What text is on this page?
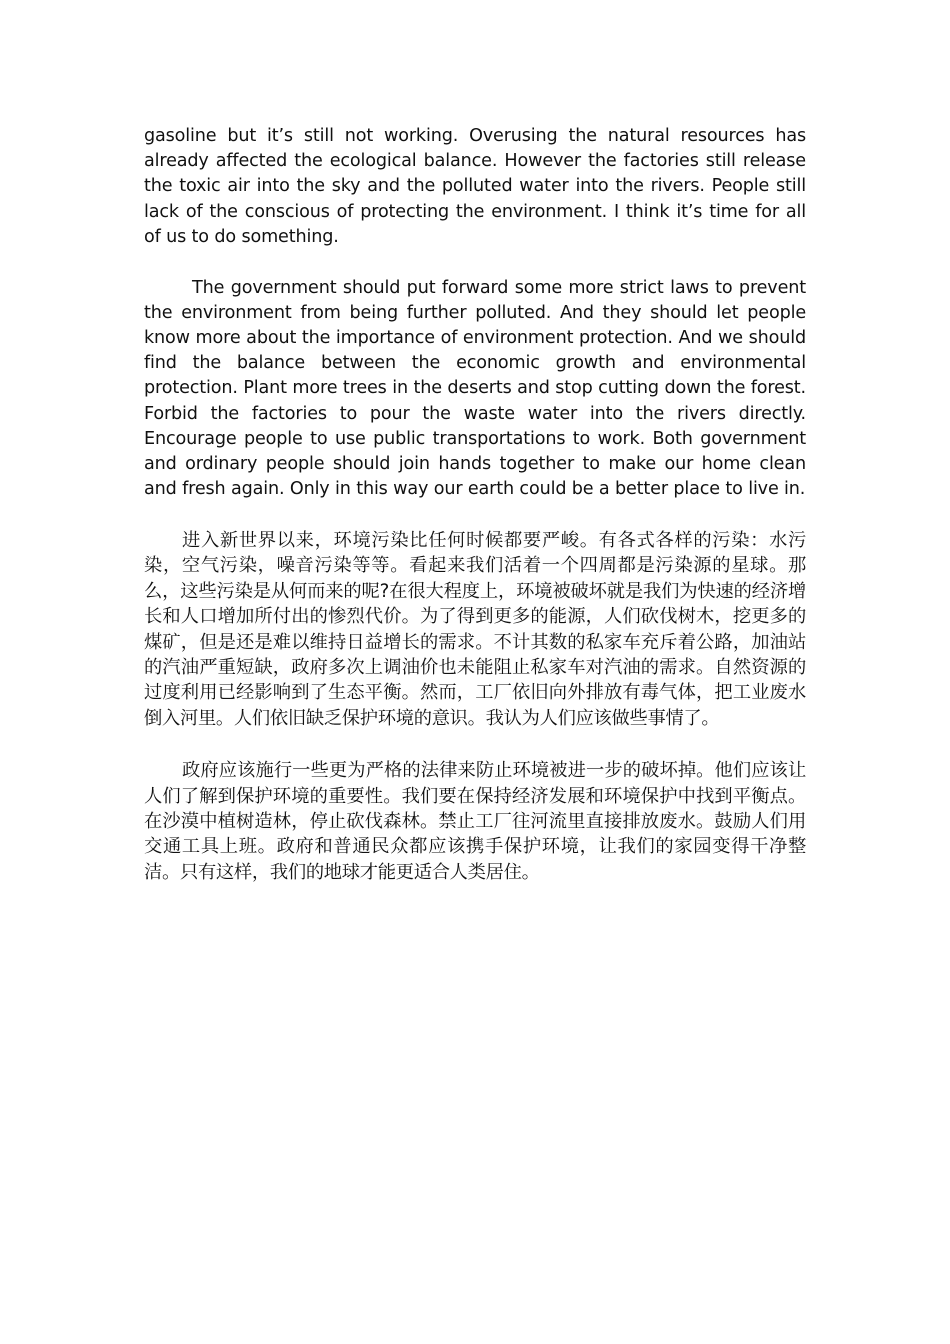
gasoline but it’s still not working. Overusing the natural resources has already affected the ecological balance. However the factories still release the toxic air into the sky and the polluted water into the rivers. People still lack of the conscious of protecting the environment. I think it’s time for all of us to do something.

The government should put forward some more strict laws to prevent the environment from being further polluted. And they should let people know more about the importance of environment protection. And we should find the balance between the economic growth and environmental protection. Plant more trees in the deserts and stop cutting down the forest. Forbid the factories to pour the waste water into the rivers directly. Encourage people to use public transportations to work. Both government and ordinary people should join hands together to make our home clean and fresh again. Only in this way our earth could be a better place to live in.

进入新世界以来，环境污染比任何时候都要严峻。有各式各样的污染：水污染，空气污染，噪音污染等等。看起来我们活着一个四周都是污染源的星球。那么，这些污染是从何而来的呢?在很大程度上，环境被破坏就是我们为快速的经济增长和人口增加所付出的惨烈代价。为了得到更多的能源，人们砍伐树木，挖更多的煤矿，但是还是难以维持日益增长的需求。不计其数的私家车充斥着公路，加油站的汽油严重短缺，政府多次上调油价也未能阻止私家车对汽油的需求。自然资源的过度利用已经影响到了生态平衡。然而，工厂依旧向外排放有毒气体，把工业废水倒入河里。人们依旧缺乏保护环境的意识。我认为人们应该做些事情了。

政府应该施行一些更为严格的法律来防止环境被进一步的破坏掉。他们应该让人们了解到保护环境的重要性。我们要在保持经济发展和环境保护中找到平衡点。在沙漠中植树造林，停止砍伐森林。禁止工厂往河流里直接排放废水。鼓励人们用交通工具上班。政府和普通民众都应该携手保护环境，让我们的家园变得干净整洁。只有这样，我们的地球才能更适合人类居住。
